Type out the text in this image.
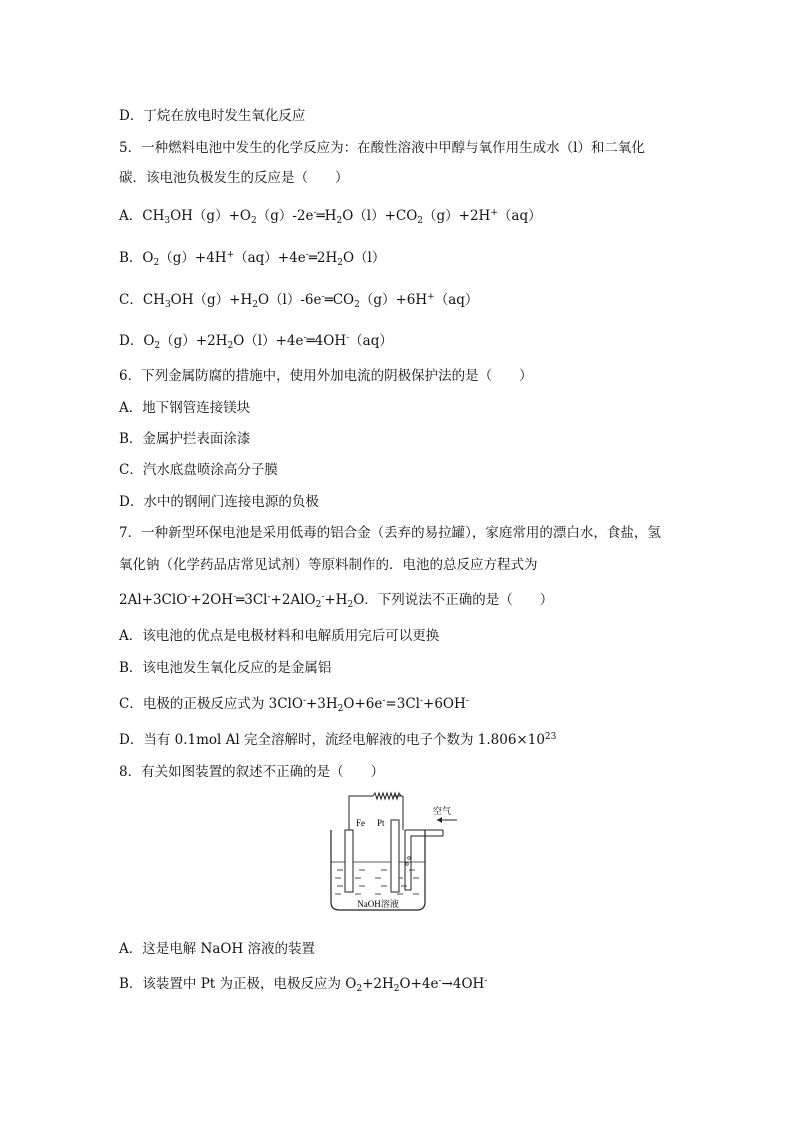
D．丁烷在放电时发生氧化反应
5．一种燃料电池中发生的化学反应为：在酸性溶液中甲醇与氧作用生成水（l）和二氧化
碳．该电池负极发生的反应是（　　）
A．$CH_3OH(g)+O_2(g)-2e^-═H_2O(l)+CO_2(g)+2H^+(aq)$
B．$O_2(g)+4H^+(aq)+4e^-═2H_2O(l)$
C．$CH_3OH(g)+H_2O(l)-6e^-═CO_2(g)+6H^+(aq)$
D．$O_2(g)+2H_2O(l)+4e^-═4OH^-(aq)$
6．下列金属防腐的措施中，使用外加电流的阴极保护法的是（　　）
A．地下钢管连接镁块
B．金属护拦表面涂漆
C．汽水底盘喷涂高分子膜
D．水中的钢闸门连接电源的负极
7．一种新型环保电池是采用低毒的铝合金（丢弃的易拉罐），家庭常用的漂白水，食盐，氢
氧化钠（化学药品店常见试剂）等原料制作的．电池的总反应方程式为
$2Al+3ClO^-+2OH^-═3Cl^-+2AlO_2^-+H_2O$．下列说法不正确的是（　　）
A．该电池的优点是电极材料和电解质用完后可以更换
B．该电池发生氧化反应的是金属铝
C．电极的正极反应式为 $3ClO^-+3H_2O+6e^-=3Cl^-+6OH^-$
D．当有 0.1mol Al 完全溶解时，流经电解液的电子个数为 $1.806\times 10^{23}$
8．有关如图装置的叙述不正确的是（　　）
Fe Pt
空气
NaOH溶液
A．这是电解 NaOH 溶液的装置
B．该装置中 Pt 为正极，电极反应为 $O_2+2H_2O+4e^-\to 4OH^-$
